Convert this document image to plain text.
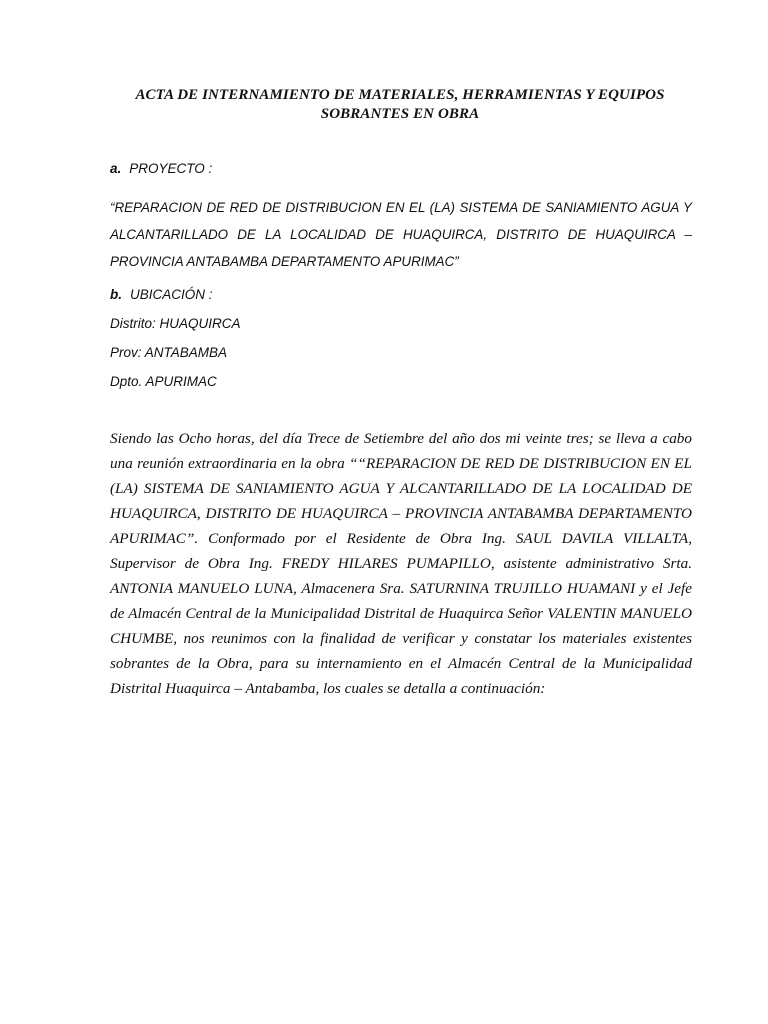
ACTA DE INTERNAMIENTO DE MATERIALES, HERRAMIENTAS Y EQUIPOS SOBRANTES EN OBRA
a. PROYECTO :
“REPARACION DE RED DE DISTRIBUCION EN EL (LA) SISTEMA DE SANIAMIENTO AGUA Y ALCANTARILLADO DE LA LOCALIDAD DE HUAQUIRCA, DISTRITO DE HUAQUIRCA – PROVINCIA ANTABAMBA DEPARTAMENTO APURIMAC”
b. UBICACIÓN :
Distrito: HUAQUIRCA
Prov: ANTABAMBA
Dpto. APURIMAC
Siendo las Ocho horas, del día Trece de Setiembre del año dos mi veinte tres; se lleva a cabo una reunión extraordinaria en la obra ““REPARACION DE RED DE DISTRIBUCION EN EL (LA) SISTEMA DE SANIAMIENTO AGUA Y ALCANTARILLADO DE LA LOCALIDAD DE HUAQUIRCA, DISTRITO DE HUAQUIRCA – PROVINCIA ANTABAMBA DEPARTAMENTO APURIMAC”. Conformado por el Residente de Obra Ing. SAUL DAVILA VILLALTA, Supervisor de Obra Ing. FREDY HILARES PUMAPILLO, asistente administrativo Srta. ANTONIA MANUELO LUNA, Almacenera Sra. SATURNINA TRUJILLO HUAMANI y el Jefe de Almacén Central de la Municipalidad Distrital de Huaquirca Señor VALENTIN MANUELO CHUMBE, nos reunimos con la finalidad de verificar y constatar los materiales existentes sobrantes de la Obra, para su internamiento en el Almacén Central de la Municipalidad Distrital Huaquirca – Antabamba, los cuales se detalla a continuación:
